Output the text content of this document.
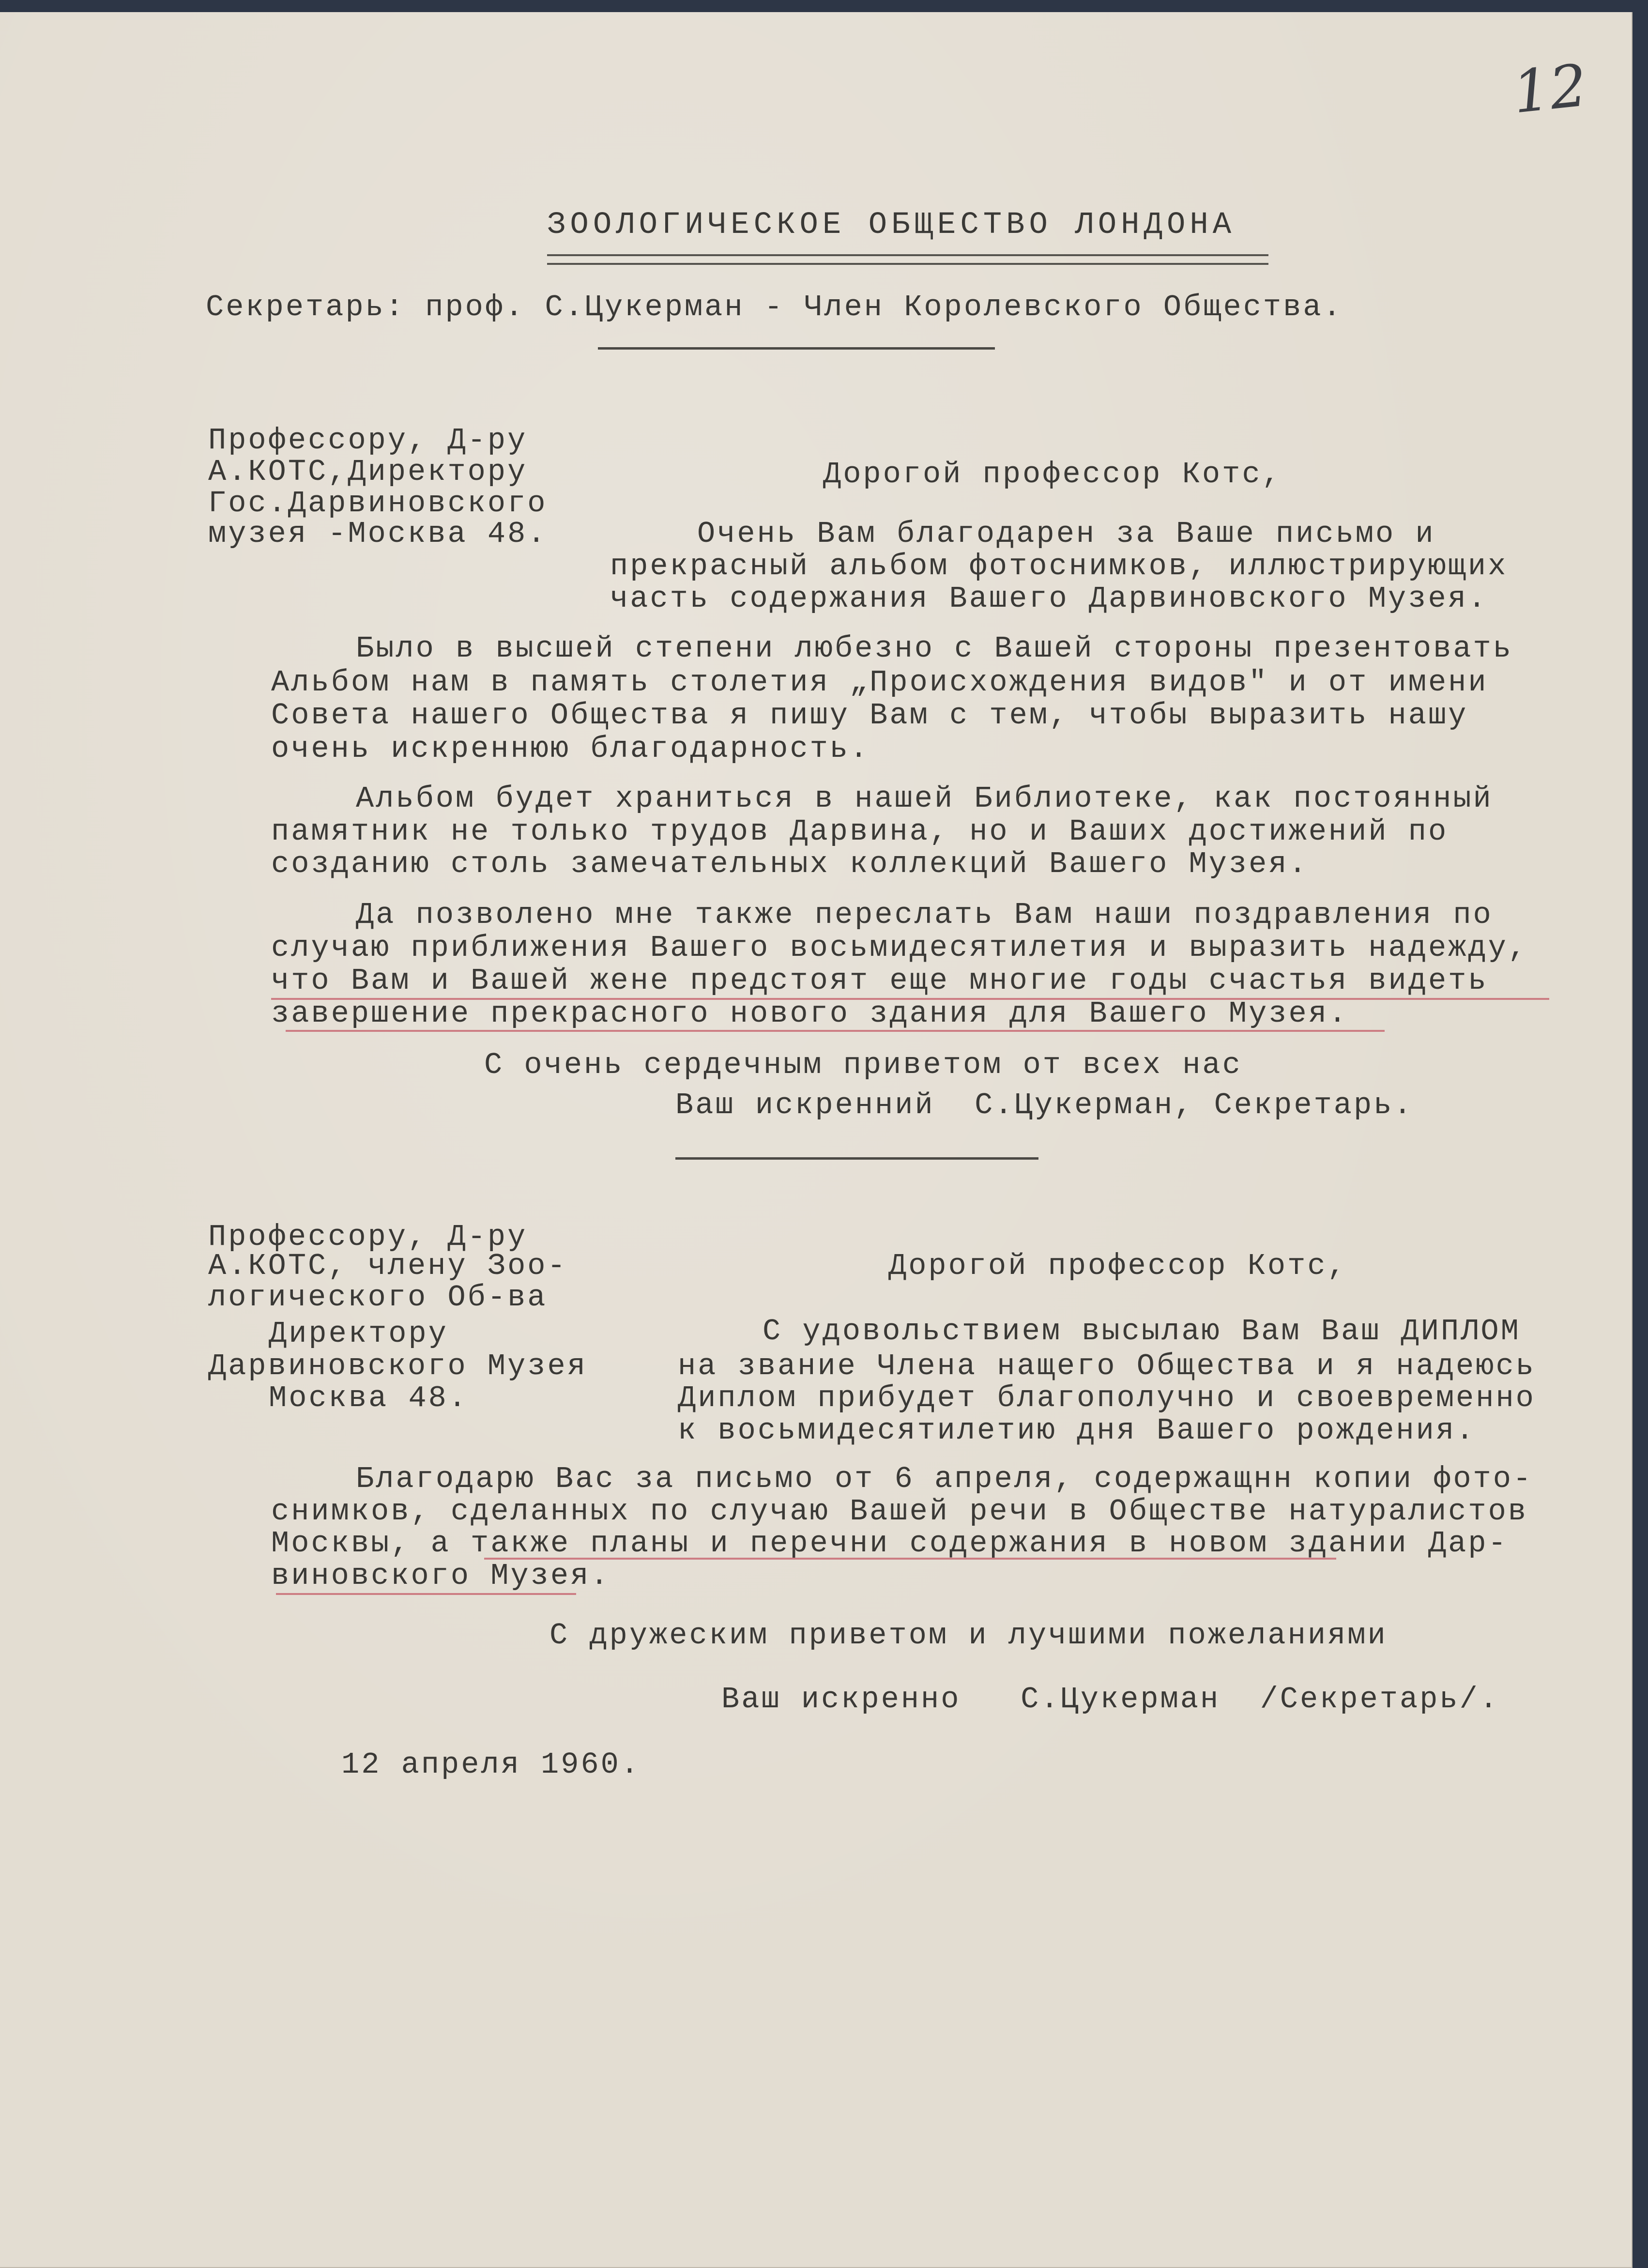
12
ЗООЛОГИЧЕСКОЕ ОБЩЕСТВО ЛОНДОНА
Секретарь: проф. С.Цукерман - Член Королевского Общества.
Профессору, Д-ру
А.КОТС,Директору
Гос.Дарвиновского
музея -Москва 48.
Дорогой профессор Котс,
Очень Вам благодарен за Ваше письмо и
прекрасный альбом фотоснимков, иллюстрирующих
часть содержания Вашего Дарвиновского Музея.
Было в высшей степени любезно с Вашей стороны презентовать
Альбом нам в память столетия „Происхождения видов" и от имени
Совета нашего Общества я пишу Вам с тем, чтобы выразить нашу
очень искреннюю благодарность.
Альбом будет храниться в нашей Библиотеке, как постоянный
памятник не только трудов Дарвина, но и Ваших достижений по
созданию столь замечательных коллекций Вашего Музея.
Да позволено мне также переслать Вам наши поздравления по
случаю приближения Вашего восьмидесятилетия и выразить надежду,
что Вам и Вашей жене предстоят еще многие годы счастья видеть
завершение прекрасного нового здания для Вашего Музея.
С очень сердечным приветом от всех нас
Ваш искренний  С.Цукерман, Секретарь.
Профессору, Д-ру
А.КОТС, члену Зоо-
логического Об-ва
Директору
Дарвиновского Музея
Москва 48.
Дорогой профессор Котс,
С удовольствием высылаю Вам Ваш ДИПЛОМ
на звание Члена нащего Общества и я надеюсь
Диплом прибудет благополучно и своевременно
к восьмидесятилетию дня Вашего рождения.
Благодарю Вас за письмо от 6 апреля, содержащнн копии фото-
снимков, сделанных по случаю Вашей речи в Обществе натуралистов
Москвы, а также планы и перечни содержания в новом здании Дар-
виновского Музея.
С дружеским приветом и лучшими пожеланиями
Ваш искренно   С.Цукерман  /Секретарь/.
12 апреля 1960.
